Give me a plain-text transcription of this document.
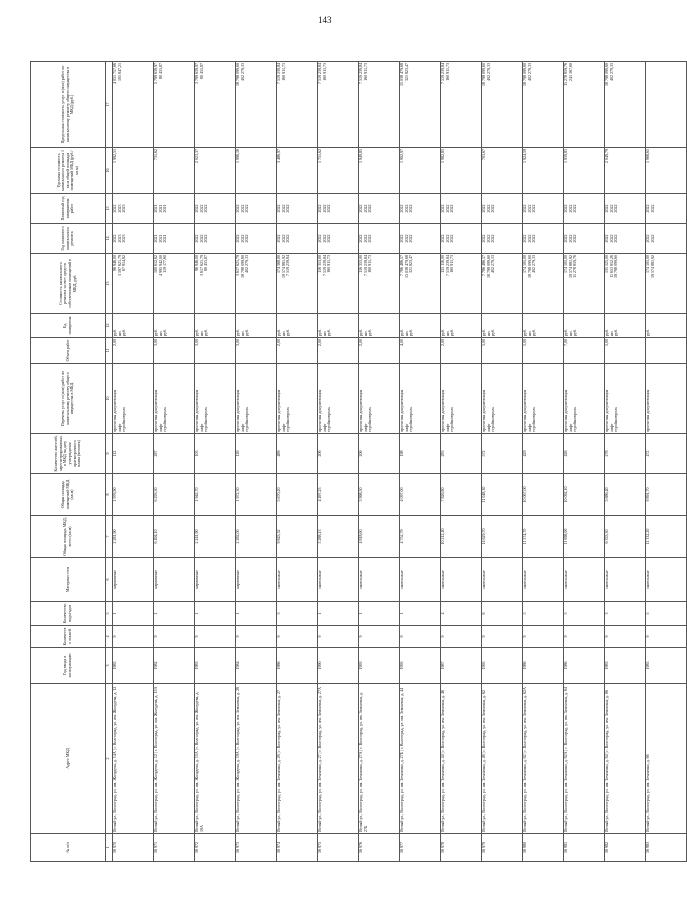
143
№ п/п	Адрес МКД	Год ввода в эксплуатацию	Количество этажей	Количество подъездов	Материал стен	Общая площадь МКД, всего (кв.м)	Общая площадь помещений МКД (кв.м)	Количество жителей, зарегистрированных в МКД на дату утверждения краткосрочного плана (человек)	Перечень услуг и (или) работ по капитальному ремонту общего имущества в МКД	Объем работ	Ед. измерения	Стоимость капитального ремонта за счет средств собственников помещений в МКД, руб.	Год планового капитального ремонта	Плановый год завершения работ	Удельная стоимость капитального ремонта 1 кв.м общей площади помещений МКД (руб./кв.м)	Предельная стоимость услуг и (или) работ по капитальному ремонту общего имущества в МКД (руб.)
1	2	3	4	5	6	7	8	9	10	11	12	13	14	15	16	17
56 970	Ясный ул., Волгоград, ул. им. Жолудева, д. 14А | г. Волгоград, ул. им. Жолудева, д. 12	1985	9	1	кирпичные	2 281,90	1 976,90	112	проектная документация лифт стройконтроль	2,00	руб. шт. руб.	96 946,00 3 597 621,79 67 814,82	2022 2023 2023	2022 2023 2023	1 992,51	4 051 757,66 105 847,21

56 971	Ясный ул., Волгоград, ул. им. Жолудева, д. 12 | г. Волгоград, ул. им. Жолудева, д. 15А	1982	9	1	кирпичные	6 494,10	6 293,50	287	проектная документация лифт стройконтроль	3,00	руб. шт. руб.	100 612,62 4 995 942,00 119 177,60	2021 2021 2021	2021 2021 2021	731,62	5 799 639,97 80 455,87

56 972	Ясный ул., Волгоград, ул. им. Жолудева, д. 15А | г. Волгоград, ул. им. Жолудева, д. 19А	1983	9	1	кирпичные	2 241,90	1 942,70	105	проектная документация лифт стройконтроль	3,00	руб. шт. руб.	96 946,00 3 617 621,79 80 455,87	2022 2022 2022	2022 2022 2022	2 023,37	3 799 639,97 80 455,87

56 973	Ясный ул., Волгоград, ул. им. Жолудева, д. 19А | г. Волгоград, ул. им. Землячки, д. 26	1984	9	1	кирпичные	2 282,00	1 972,30	126	проектная документация лифт стройконтроль	3,00	руб. шт. руб.	3 617 621,79 18 798 099,60 402 279,33	2022 2022 2022	2022 2022 2022	1 996,16	18 798 099,60 402 279,33

56 974	Ясный ул., Волгоград, ул. им. Землячки, д. 26 | г. Волгоград, ул. им. Землячки, д. 27	1986	9	5	панельные	9 843,32	5 670,20	489	проектная документация лифт стройконтроль	2,00	руб. шт. руб.	174 368,00 19 574 881,92 7 519 239,84	2022 2022 2022	2022 2022 2022	3 486,97	7 519 239,84 160 911,73

56 975	Ясный ул., Волгоград, ул. им. Землячки, д. 27 | г. Волгоград, ул. им. Землячки, д. 27А	1990	9	1	панельные	5 288,13	4 497,25	206	проектная документация лифт стройконтроль	2,00	руб. шт. руб.	116 353,00 7 519 239,84 160 911,73	2022 2022 2022	2022 2022 2022	1 751,62	7 519 239,84 160 911,73

56 976	Ясный ул., Волгоград, ул. им. Землячки, д. 27А | г. Волгоград, ул. им. Землячки, д. 27Б	1993	9	1	панельные	4 818,60	3 998,50	206	проектная документация лифт стройконтроль	2,00	руб. шт. руб.	116 353,00 7 519 239,84 160 911,73	2022 2022 2022	2022 2022 2022	1 949,85	7 519 239,84 160 911,73

56 977	Ясный ул., Волгоград, ул. им. Землячки, д. 27Б | г. Волгоград, ул. им. Землячки, д. 44	1995	9	1	панельные	4 752,79	4 097,00	198	проектная документация лифт стройконтроль	4,00	руб. шт. руб.	7 786 486,57 15 038 479,68 321 823,47	2022 2022 2022	2022 2022 2022	1 902,97	15 038 479,68 321 823,47

56 978	Ясный ул., Волгоград, ул. им. Землячки, д. 44 | г. Волгоград, ул. им. Землячки, д. 46	1987	9	4	панельные	10 212,40	7 826,80	283	проектная документация лифт стройконтроль	2,00	руб. шт. руб.	155 116,00 7 519 239,84 160 911,73	2022 2022 2022	2022 2022 2022	1 982,85	7 519 239,84 160 911,73

56 979	Ясный ул., Волгоград, ул. им. Землячки, д. 46 | г. Волгоград, ул. им. Землячки, д. 62	1995	9	6	панельные	14 629,70	11 048,30	572	проектная документация лифт стройконтроль	5,00	руб. шт. руб.	7 786 486,57 18 798 099,60 402 279,33	2022 2022 2022	2022 2022 2022	703,67	18 798 099,60 402 279,33

56 980	Ясный ул., Волгоград, ул. им. Землячки, д. 62 | г. Волгоград, ул. им. Землячки, д. 62А	1986	9	5	панельные	11 574,70	10 067,00	429	проектная документация лифт стройконтроль	5,00	руб. шт. руб.	174 105,00 18 798 099,60 402 279,33	2022 2022 2022	2022 2022 2022	1 924,59	18 798 099,60 402 279,33

56 981	Ясный ул., Волгоград, ул. им. Землячки, д. 62А | г. Волгоград, ул. им. Землячки, д. 64	1986	9	5	панельные	11 698,00	10 092,10	426	проектная документация лифт стройконтроль	7,00	руб. шт. руб.	174 105,00 19 574 881,92 11 278 859,76	2022 2022 2022	2022 2022 2022	1 939,81	11 278 859,76 241 367,60

56 982	Ясный ул., Волгоград, ул. им. Землячки, д. 64 | г. Волгоград, ул. им. Землячки, д. 66	1983	9	3	панельные	6 333,30	5 686,40	278	проектная документация лифт стройконтроль	5,00	руб. шт. руб.	135 525,00 11 653 952,26 18 798 099,60	2022 2022 2022	2022 2022 2022	2 049,79	18 798 099,60 402 279,33

56 983	Ясный ул., Волгоград, ул. им. Землячки, д. 66	1985	9	5	панельные	11 332,20	9 891,70	472	проектная документация		руб.	174 105,00 19 574 881,92	2022 2022	2022 2022	1 968,65	
